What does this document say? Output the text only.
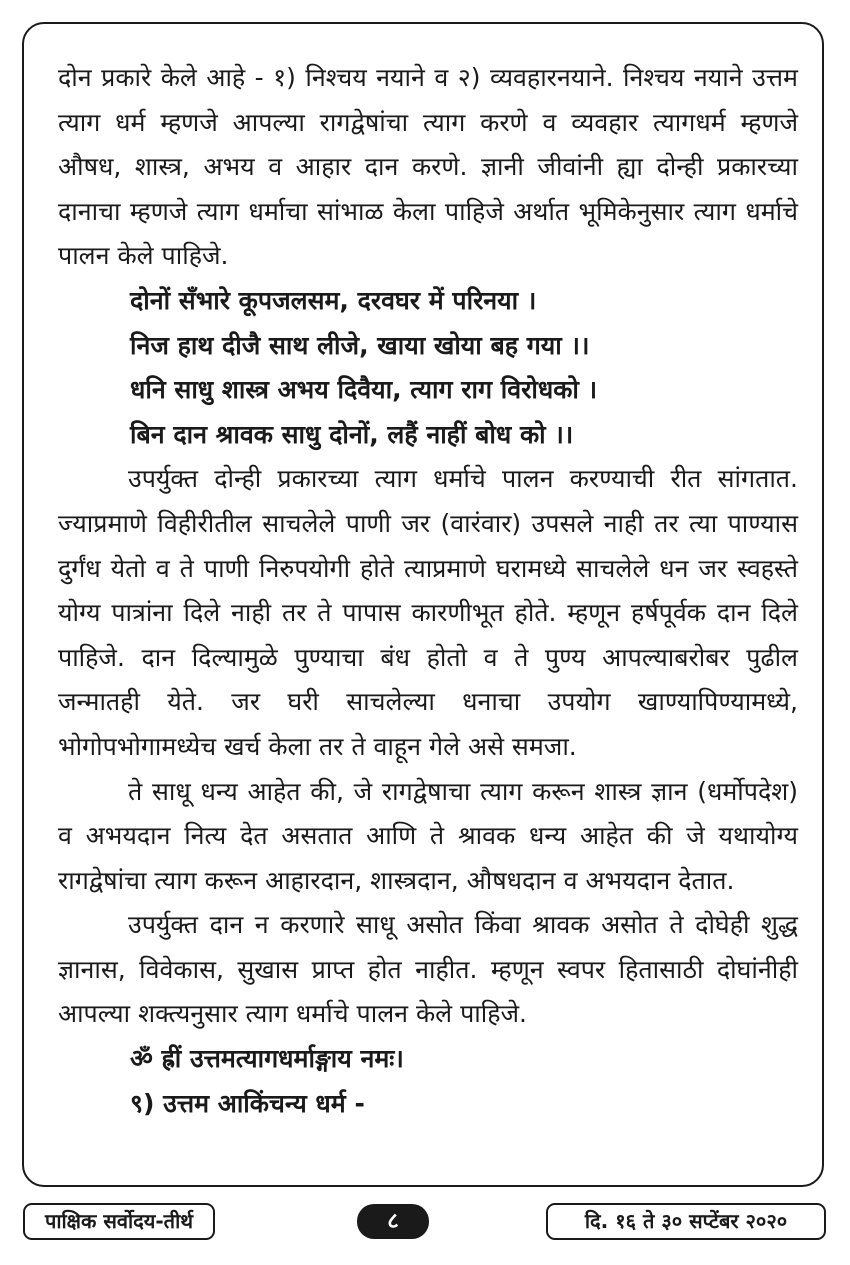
दोन प्रकारे केले आहे - १) निश्चय नयाने व २) व्यवहारनयाने. निश्चय नयाने उत्तम त्याग धर्म म्हणजे आपल्या रागद्वेषांचा त्याग करणे व व्यवहार त्यागधर्म म्हणजे औषध, शास्त्र, अभय व आहार दान करणे. ज्ञानी जीवांनी ह्या दोन्ही प्रकारच्या दानाचा म्हणजे त्याग धर्माचा सांभाळ केला पाहिजे अर्थात भूमिकेनुसार त्याग धर्माचे पालन केले पाहिजे.

दोनों सँभारे कूपजलसम, दरवघर में परिनया ।

निज हाथ दीजै साथ लीजे, खाया खोया बह गया ।।

धनि साधु शास्त्र अभय दिवैया, त्याग राग विरोधको ।

बिन दान श्रावक साधु दोनों, लहैं नाहीं बोध को ।।

उपर्युक्त दोन्ही प्रकारच्या त्याग धर्माचे पालन करण्याची रीत सांगतात. ज्याप्रमाणे विहीरीतील साचलेले पाणी जर (वारंवार) उपसले नाही तर त्या पाण्यास दुर्गंध येतो व ते पाणी निरुपयोगी होते त्याप्रमाणे घरामध्ये साचलेले धन जर स्वहस्ते योग्य पात्रांना दिले नाही तर ते पापास कारणीभूत होते. म्हणून हर्षपूर्वक दान दिले पाहिजे. दान दिल्यामुळे पुण्याचा बंध होतो व ते पुण्य आपल्याबरोबर पुढील जन्मातही येते. जर घरी साचलेल्या धनाचा उपयोग खाण्यापिण्यामध्ये, भोगोपभोगामध्येच खर्च केला तर ते वाहून गेले असे समजा.

ते साधू धन्य आहेत की, जे रागद्वेषाचा त्याग करून शास्त्र ज्ञान (धर्मोपदेश) व अभयदान नित्य देत असतात आणि ते श्रावक धन्य आहेत की जे यथायोग्य रागद्वेषांचा त्याग करून आहारदान, शास्त्रदान, औषधदान व अभयदान देतात.

उपर्युक्त दान न करणारे साधू असोत किंवा श्रावक असोत ते दोघेही शुद्ध ज्ञानास, विवेकास, सुखास प्राप्त होत नाहीत. म्हणून स्वपर हितासाठी दोघांनीही आपल्या शक्त्यनुसार त्याग धर्माचे पालन केले पाहिजे.

ॐ ह्रीं उत्तमत्यागधर्माङ्गाय नमः।

९) उत्तम आकिंचन्य धर्म -

पाक्षिक सर्वोदय-तीर्थ	८	दि. १६ ते ३० सप्टेंबर २०२०
